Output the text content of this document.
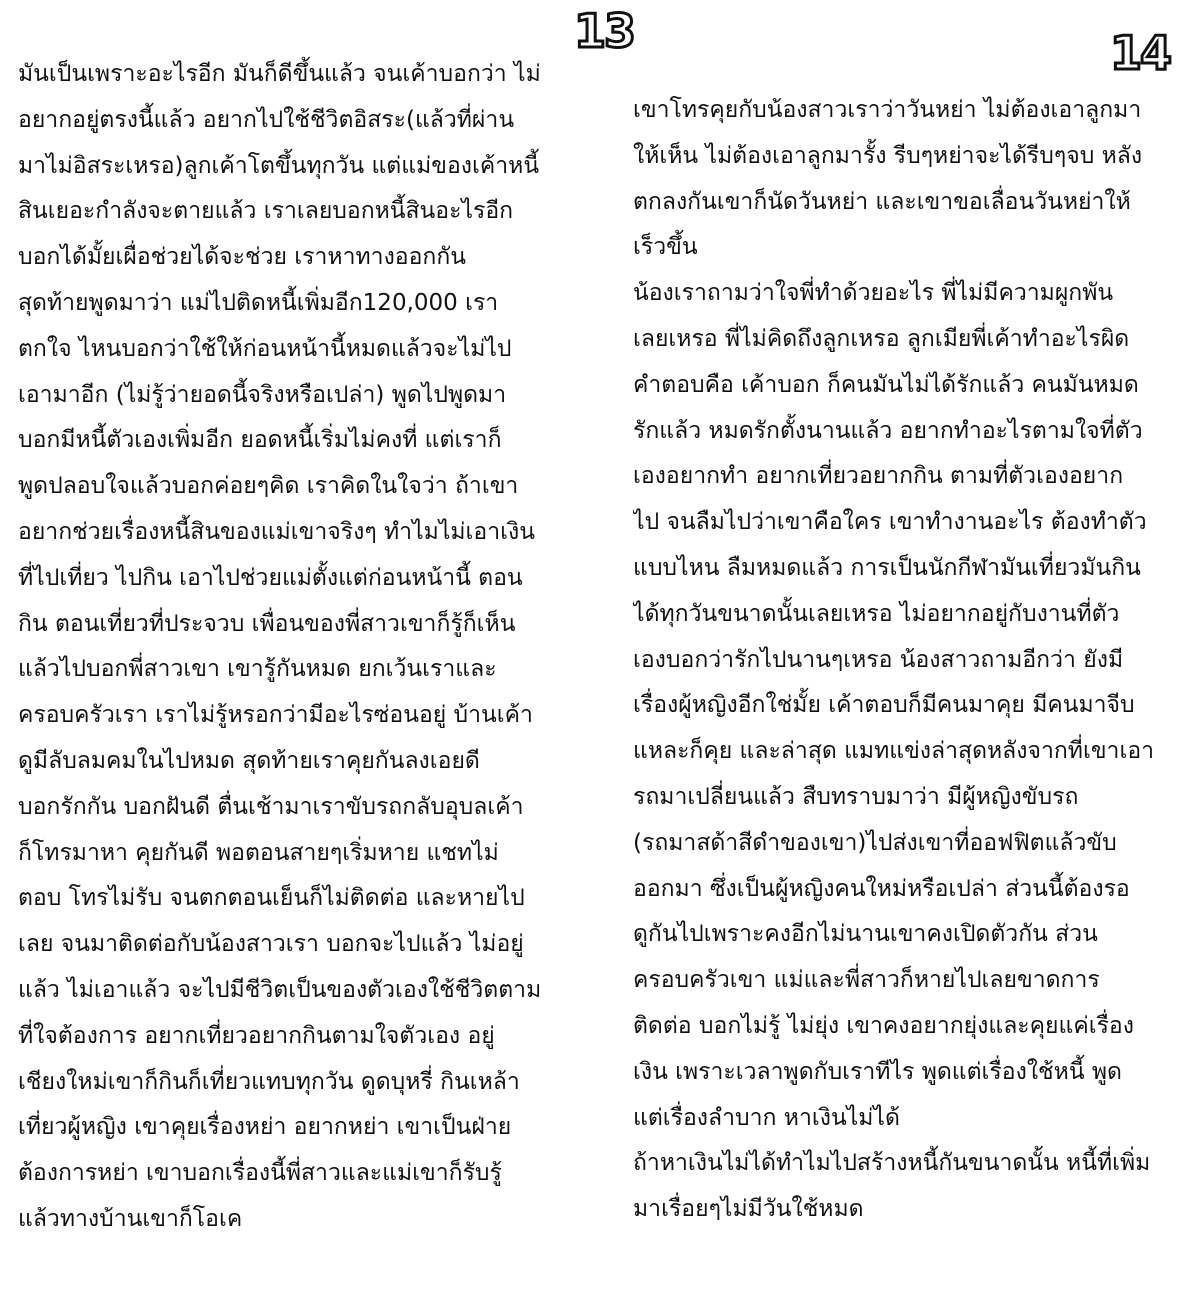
13	14
มันเป็นเพราะอะไรอีก มันก็ดีขึ้นแล้ว จนเค้าบอกว่า ไม่
อยากอยู่ตรงนี้แล้ว อยากไปใช้ชีวิตอิสระ(แล้วที่ผ่าน
มาไม่อิสระเหรอ)ลูกเค้าโตขึ้นทุกวัน แต่แม่ของเค้าหนี้
สินเยอะกำลังจะตายแล้ว เราเลยบอกหนี้สินอะไรอีก
บอกได้มั้ยเผื่อช่วยได้จะช่วย เราหาทางออกกัน
สุดท้ายพูดมาว่า แม่ไปติดหนี้เพิ่มอีก120,000 เรา
ตกใจ ไหนบอกว่าใช้ให้ก่อนหน้านี้หมดแล้วจะไม่ไป
เอามาอีก (ไม่รู้ว่ายอดนี้จริงหรือเปล่า) พูดไปพูดมา
บอกมีหนี้ตัวเองเพิ่มอีก ยอดหนี้เริ่มไม่คงที่ แต่เราก็
พูดปลอบใจแล้วบอกค่อยๆคิด เราคิดในใจว่า ถ้าเขา
อยากช่วยเรื่องหนี้สินของแม่เขาจริงๆ ทำไมไม่เอาเงิน
ที่ไปเที่ยว ไปกิน เอาไปช่วยแม่ตั้งแต่ก่อนหน้านี้ ตอน
กิน ตอนเที่ยวที่ประจวบ เพื่อนของพี่สาวเขาก็รู้ก็เห็น
แล้วไปบอกพี่สาวเขา เขารู้กันหมด ยกเว้นเราและ
ครอบครัวเรา เราไม่รู้หรอกว่ามีอะไรซ่อนอยู่ บ้านเค้า
ดูมีลับลมคมในไปหมด สุดท้ายเราคุยกันลงเอยดี
บอกรักกัน บอกฝันดี ตื่นเช้ามาเราขับรถกลับอุบลเค้า
ก็โทรมาหา คุยกันดี พอตอนสายๆเริ่มหาย แชทไม่
ตอบ โทรไม่รับ จนตกตอนเย็นก็ไม่ติดต่อ และหายไป
เลย จนมาติดต่อกับน้องสาวเรา บอกจะไปแล้ว ไม่อยู่
แล้ว ไม่เอาแล้ว จะไปมีชีวิตเป็นของตัวเองใช้ชีวิตตาม
ที่ใจต้องการ อยากเที่ยวอยากกินตามใจตัวเอง อยู่
เชียงใหม่เขาก็กินก็เที่ยวแทบทุกวัน ดูดบุหรี่ กินเหล้า
เที่ยวผู้หญิง เขาคุยเรื่องหย่า อยากหย่า เขาเป็นฝ่าย
ต้องการหย่า เขาบอกเรื่องนี้พี่สาวและแม่เขาก็รับรู้
แล้วทางบ้านเขาก็โอเค
เขาโทรคุยกับน้องสาวเราว่าวันหย่า ไม่ต้องเอาลูกมา
ให้เห็น ไม่ต้องเอาลูกมารั้ง รีบๆหย่าจะได้รีบๆจบ หลัง
ตกลงกันเขาก็นัดวันหย่า และเขาขอเลื่อนวันหย่าให้
เร็วขึ้น
น้องเราถามว่าใจพี่ทำด้วยอะไร พี่ไม่มีความผูกพัน
เลยเหรอ พี่ไม่คิดถึงลูกเหรอ ลูกเมียพี่เค้าทำอะไรผิด
คำตอบคือ เค้าบอก ก็คนมันไม่ได้รักแล้ว คนมันหมด
รักแล้ว หมดรักตั้งนานแล้ว อยากทำอะไรตามใจที่ตัว
เองอยากทำ อยากเที่ยวอยากกิน ตามที่ตัวเองอยาก
ไป จนลืมไปว่าเขาคือใคร เขาทำงานอะไร ต้องทำตัว
แบบไหน ลืมหมดแล้ว การเป็นนักกีฬามันเที่ยวมันกิน
ได้ทุกวันขนาดนั้นเลยเหรอ ไม่อยากอยู่กับงานที่ตัว
เองบอกว่ารักไปนานๆเหรอ น้องสาวถามอีกว่า ยังมี
เรื่องผู้หญิงอีกใช่มั้ย เค้าตอบก็มีคนมาคุย มีคนมาจีบ
แหละก็คุย และล่าสุด แมทแข่งล่าสุดหลังจากที่เขาเอา
รถมาเปลี่ยนแล้ว สืบทราบมาว่า มีผู้หญิงขับรถ
(รถมาสด้าสีดำของเขา)ไปส่งเขาที่ออฟฟิตแล้วขับ
ออกมา ซึ่งเป็นผู้หญิงคนใหม่หรือเปล่า ส่วนนี้ต้องรอ
ดูกันไปเพราะคงอีกไม่นานเขาคงเปิดตัวกัน ส่วน
ครอบครัวเขา แม่และพี่สาวก็หายไปเลยขาดการ
ติดต่อ บอกไม่รู้ ไม่ยุ่ง เขาคงอยากยุ่งและคุยแค่เรื่อง
เงิน เพราะเวลาพูดกับเราทีไร พูดแต่เรื่องใช้หนี้ พูด
แต่เรื่องลำบาก หาเงินไม่ได้
ถ้าหาเงินไม่ได้ทำไมไปสร้างหนี้กันขนาดนั้น หนี้ที่เพิ่ม
มาเรื่อยๆไม่มีวันใช้หมด
